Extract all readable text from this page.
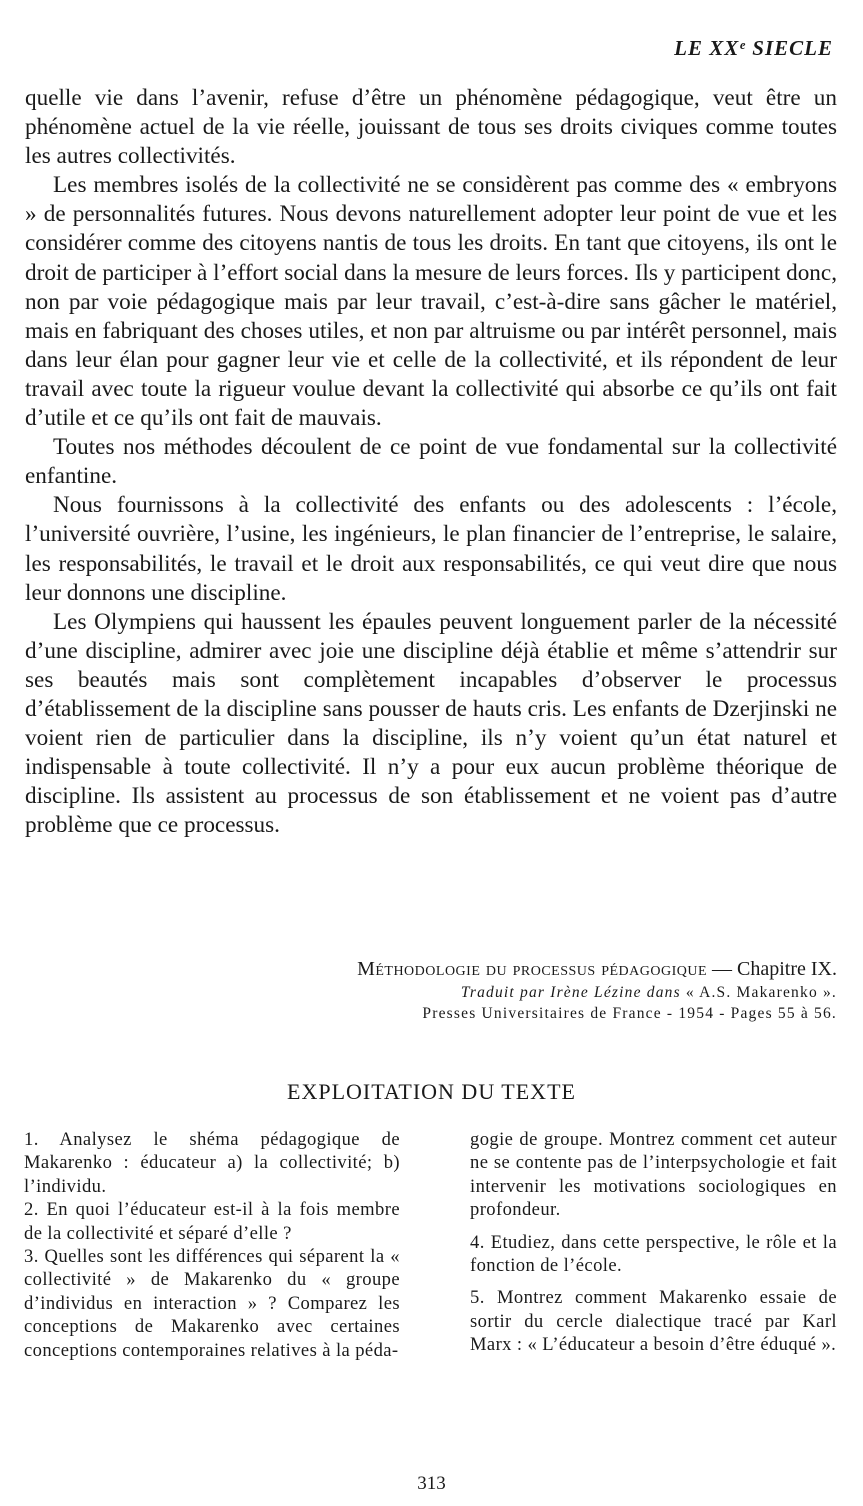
LE XXᵉ SIECLE

quelle vie dans l’avenir, refuse d’être un phénomène pédagogique, veut être un phénomène actuel de la vie réelle, jouissant de tous ses droits civiques comme toutes les autres collectivités.

Les membres isolés de la collectivité ne se considèrent pas comme des « embryons » de personnalités futures. Nous devons naturellement adopter leur point de vue et les considérer comme des citoyens nantis de tous les droits. En tant que citoyens, ils ont le droit de participer à l’effort social dans la mesure de leurs forces. Ils y participent donc, non par voie pédagogique mais par leur travail, c’est-à-dire sans gâcher le matériel, mais en fabriquant des choses utiles, et non par altruisme ou par intérêt personnel, mais dans leur élan pour gagner leur vie et celle de la collectivité, et ils répondent de leur travail avec toute la rigueur voulue devant la collectivité qui absorbe ce qu’ils ont fait d’utile et ce qu’ils ont fait de mauvais.

Toutes nos méthodes découlent de ce point de vue fondamental sur la collectivité enfantine.

Nous fournissons à la collectivité des enfants ou des adolescents : l’école, l’université ouvrière, l’usine, les ingénieurs, le plan financier de l’entreprise, le salaire, les responsabilités, le travail et le droit aux responsabilités, ce qui veut dire que nous leur donnons une discipline.

Les Olympiens qui haussent les épaules peuvent longuement parler de la nécessité d’une discipline, admirer avec joie une discipline déjà établie et même s’attendrir sur ses beautés mais sont complètement incapables d’observer le processus d’établissement de la discipline sans pousser de hauts cris. Les enfants de Dzerjinski ne voient rien de particulier dans la discipline, ils n’y voient qu’un état naturel et indispensable à toute collectivité. Il n’y a pour eux aucun problème théorique de discipline. Ils assistent au processus de son établissement et ne voient pas d’autre problème que ce processus.

Méthodologie du processus pédagogique — Chapitre IX.
Traduit par Irène Lézine dans « A.S. Makarenko ».
Presses Universitaires de France - 1954 - Pages 55 à 56.
EXPLOITATION DU TEXTE

1. Analysez le shéma pédagogique de Makarenko : éducateur a) la collectivité; b) l’individu.

2. En quoi l’éducateur est-il à la fois membre de la collectivité et séparé d’elle ?

3. Quelles sont les différences qui séparent la « collectivité » de Makarenko du « groupe d’individus en interaction » ? Comparez les conceptions de Makarenko avec certaines conceptions contemporaines relatives à la péda-

gogie de groupe. Montrez comment cet auteur ne se contente pas de l’interpsychologie et fait intervenir les motivations sociologiques en profondeur.

4. Etudiez, dans cette perspective, le rôle et la fonction de l’école.

5. Montrez comment Makarenko essaie de sortir du cercle dialectique tracé par Karl Marx : « L’éducateur a besoin d’être éduqué ».

313
